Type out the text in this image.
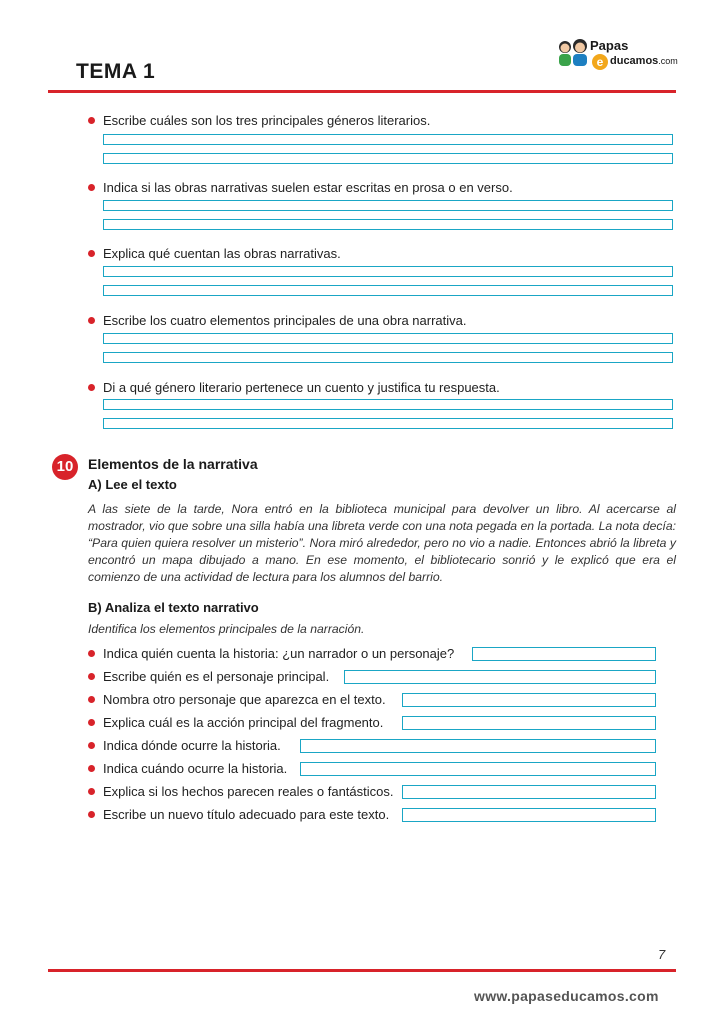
TEMA 1
Papas
e ducamos.com
Escribe cuáles son los tres principales géneros literarios.
Indica si las obras narrativas suelen estar escritas en prosa o en verso.
Explica qué cuentan las obras narrativas.
Escribe los cuatro elementos principales de una obra narrativa.
Di a qué género literario pertenece un cuento y justifica tu respuesta.
10	Elementos de la narrativa
A) Lee el texto
A las siete de la tarde, Nora entró en la biblioteca municipal para devolver un libro. Al acercarse al mostrador, vio que sobre una silla había una libreta verde con una nota pegada en la portada. La nota decía: “Para quien quiera resolver un misterio”. Nora miró alrededor, pero no vio a nadie. Entonces abrió la libreta y encontró un mapa dibujado a mano. En ese momento, el bibliotecario sonrió y le explicó que era el comienzo de una actividad de lectura para los alumnos del barrio.
B) Analiza el texto narrativo
Identifica los elementos principales de la narración.
Indica quién cuenta la historia: ¿un narrador o un personaje?
Escribe quién es el personaje principal.
Nombra otro personaje que aparezca en el texto.
Explica cuál es la acción principal del fragmento.
Indica dónde ocurre la historia.
Indica cuándo ocurre la historia.
Explica si los hechos parecen reales o fantásticos.
Escribe un nuevo título adecuado para este texto.
7
www.papaseducamos.com
